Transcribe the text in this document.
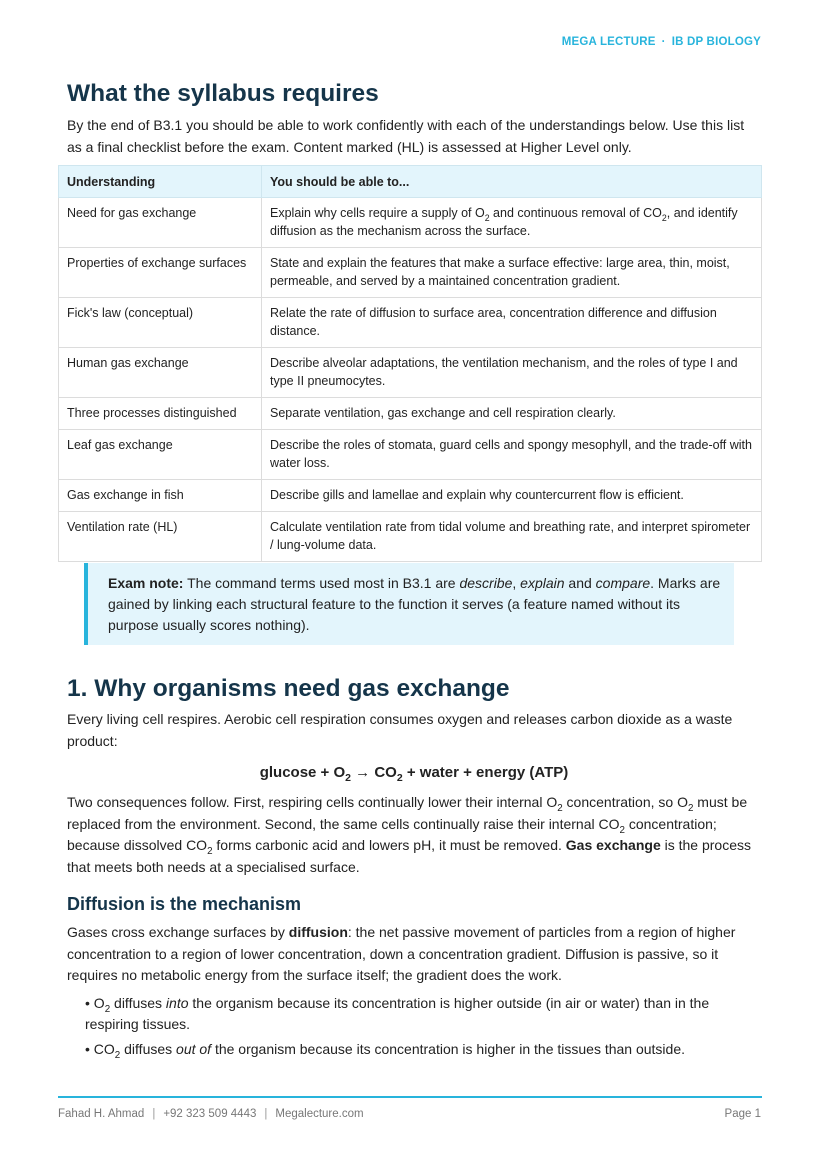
MEGA LECTURE · IB DP BIOLOGY
What the syllabus requires

By the end of B3.1 you should be able to work confidently with each of the understandings below. Use this list as a final checklist before the exam. Content marked (HL) is assessed at Higher Level only.

Understanding	You should be able to...
Need for gas exchange	Explain why cells require a supply of $O_2$ and continuous removal of $CO_2$, and identify diffusion as the mechanism across the surface.
Properties of exchange surfaces	State and explain the features that make a surface effective: large area, thin, moist, permeable, and served by a maintained concentration gradient.
Fick's law (conceptual)	Relate the rate of diffusion to surface area, concentration difference and diffusion distance.
Human gas exchange	Describe alveolar adaptations, the ventilation mechanism, and the roles of type I and type II pneumocytes.
Three processes distinguished	Separate ventilation, gas exchange and cell respiration clearly.
Leaf gas exchange	Describe the roles of stomata, guard cells and spongy mesophyll, and the trade-off with water loss.
Gas exchange in fish	Describe gills and lamellae and explain why countercurrent flow is efficient.
Ventilation rate (HL)	Calculate ventilation rate from tidal volume and breathing rate, and interpret spirometer / lung-volume data.
Exam note: The command terms used most in B3.1 are describe, explain and compare. Marks are gained by linking each structural feature to the function it serves (a feature named without its purpose usually scores nothing).
1. Why organisms need gas exchange

Every living cell respires. Aerobic cell respiration consumes oxygen and releases carbon dioxide as a waste product:

$glucose + O_2 \to CO_2$ + water + energy (ATP)

Two consequences follow. First, respiring cells continually lower their internal $O_2$ concentration, so $O_2$ must be replaced from the environment. Second, the same cells continually raise their internal $CO_2$ concentration; because dissolved $CO_2$ forms carbonic acid and lowers pH, it must be removed. Gas exchange is the process that meets both needs at a specialised surface.

Diffusion is the mechanism

Gases cross exchange surfaces by diffusion: the net passive movement of particles from a region of higher concentration to a region of lower concentration, down a concentration gradient. Diffusion is passive, so it requires no metabolic energy from the surface itself; the gradient does the work.

• $O_2$ diffuses into the organism because its concentration is higher outside (in air or water) than in the respiring tissues.
• $CO_2$ diffuses out of the organism because its concentration is higher in the tissues than outside.
Fahad H. Ahmad | +92 323 509 4443 | Megalecture.com	Page 1
